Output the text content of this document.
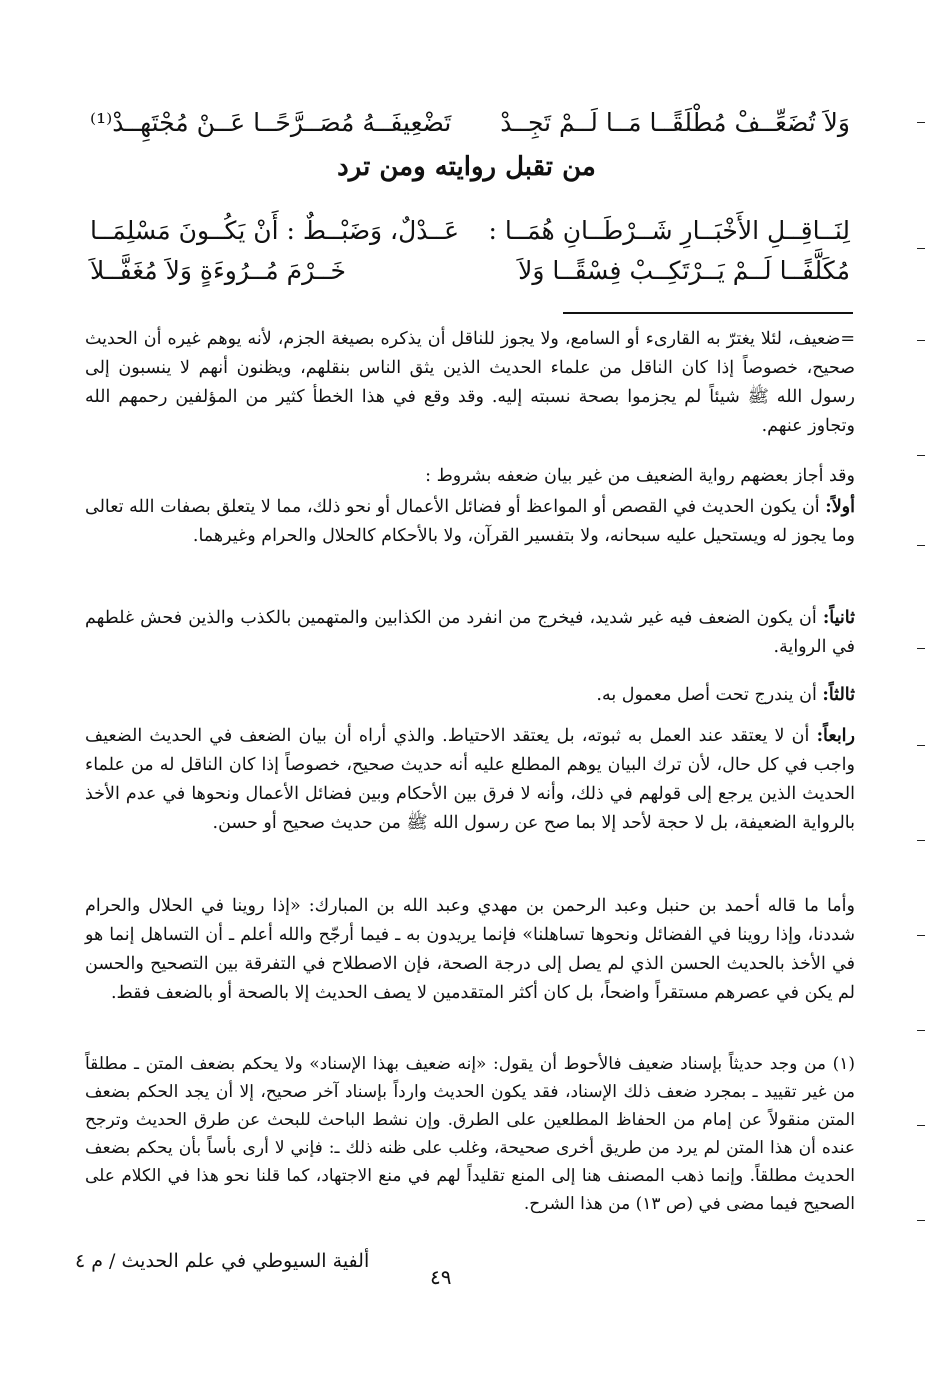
وَلاَ تُضَعِّــفْ مُطْلَقًــا مَــا لَــمْ تَجِــدْ
تَضْعِيفَــهُ مُصَــرَّحًــا عَــنْ مُجْتَهِــدْ⁽¹⁾
من تقبل روايته ومن ترد
لِنَــاقِــلِ الأَخْبَــارِ شَــرْطَــانِ هُمَــا :
عَــدْلٌ، وَضَبْــطٌ : أَنْ يَكُــونَ مَسْلِمَــا
مُكَلَّفًــا لَــمْ يَــرْتَكِــبْ فِسْقًــا وَلاَ
خَــرْمَ مُــرُوءَةٍ وَلاَ مُغَفَّــلاَ

=ضعيف، لئلا يغترّ به القارىء أو السامع، ولا يجوز للناقل أن يذكره بصيغة الجزم، لأنه يوهم غيره أن الحديث صحيح، خصوصاً إذا كان الناقل من علماء الحديث الذين يثق الناس بنقلهم، ويظنون أنهم لا ينسبون إلى رسول الله ﷺ شيئاً لم يجزموا بصحة نسبته إليه. وقد وقع في هذا الخطأ كثير من المؤلفين رحمهم الله وتجاوز عنهم.

وقد أجاز بعضهم رواية الضعيف من غير بيان ضعفه بشروط :

أولاً: أن يكون الحديث في القصص أو المواعظ أو فضائل الأعمال أو نحو ذلك، مما لا يتعلق بصفات الله تعالى وما يجوز له ويستحيل عليه سبحانه، ولا بتفسير القرآن، ولا بالأحكام كالحلال والحرام وغيرهما.

ثانياً: أن يكون الضعف فيه غير شديد، فيخرج من انفرد من الكذابين والمتهمين بالكذب والذين فحش غلطهم في الرواية.

ثالثاً: أن يندرج تحت أصل معمول به.

رابعاً: أن لا يعتقد عند العمل به ثبوته، بل يعتقد الاحتياط. والذي أراه أن بيان الضعف في الحديث الضعيف واجب في كل حال، لأن ترك البيان يوهم المطلع عليه أنه حديث صحيح، خصوصاً إذا كان الناقل له من علماء الحديث الذين يرجع إلى قولهم في ذلك، وأنه لا فرق بين الأحكام وبين فضائل الأعمال ونحوها في عدم الأخذ بالرواية الضعيفة، بل لا حجة لأحد إلا بما صح عن رسول الله ﷺ من حديث صحيح أو حسن.

وأما ما قاله أحمد بن حنبل وعبد الرحمن بن مهدي وعبد الله بن المبارك: «إذا روينا في الحلال والحرام شددنا، وإذا روينا في الفضائل ونحوها تساهلنا» فإنما يريدون به ـ فيما أرجّح والله أعلم ـ أن التساهل إنما هو في الأخذ بالحديث الحسن الذي لم يصل إلى درجة الصحة، فإن الاصطلاح في التفرقة بين التصحيح والحسن لم يكن في عصرهم مستقراً واضحاً، بل كان أكثر المتقدمين لا يصف الحديث إلا بالصحة أو بالضعف فقط.

(١) من وجد حديثاً بإسناد ضعيف فالأحوط أن يقول: «إنه ضعيف بهذا الإسناد» ولا يحكم بضعف المتن ـ مطلقاً من غير تقييد ـ بمجرد ضعف ذلك الإسناد، فقد يكون الحديث وارداً بإسناد آخر صحيح، إلا أن يجد الحكم بضعف المتن منقولاً عن إمام من الحفاظ المطلعين على الطرق. وإن نشط الباحث للبحث عن طرق الحديث وترجح عنده أن هذا المتن لم يرد من طريق أخرى صحيحة، وغلب على ظنه ذلك ـ: فإني لا أرى بأساً بأن يحكم بضعف الحديث مطلقاً. وإنما ذهب المصنف هنا إلى المنع تقليداً لهم في منع الاجتهاد، كما قلنا نحو هذا في الكلام على الصحيح فيما مضى في (ص ١٣) من هذا الشرح.

ألفية السيوطي في علم الحديث / م ٤
٤٩
